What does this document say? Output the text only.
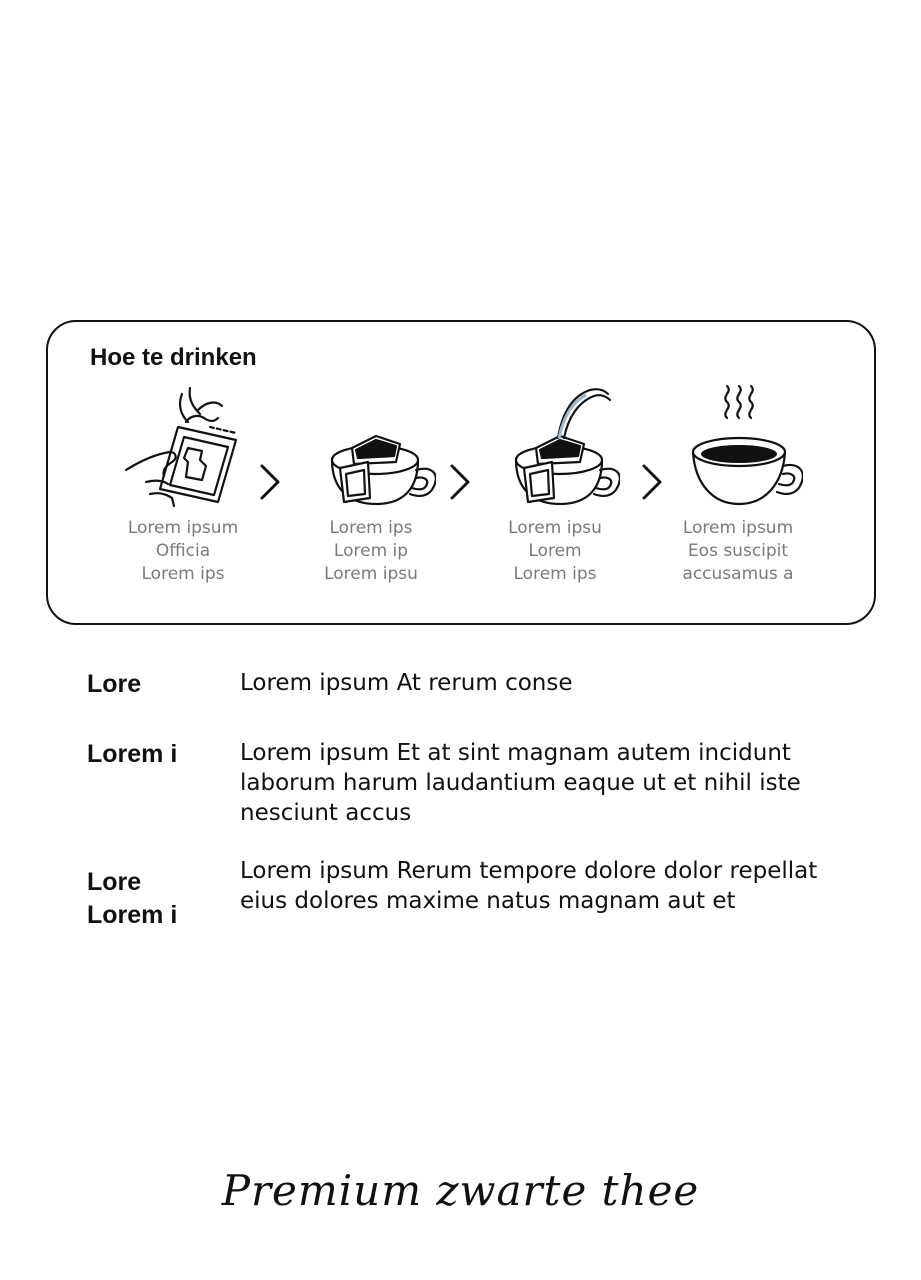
Hoe te drinken
Lorem ipsum
Officia
Lorem ips
Lorem ips
Lorem ip
Lorem ipsu
Lorem ipsu
Lorem
Lorem ips
Lorem ipsum
Eos suscipit
accusamus a
Lore	Lorem ipsum At rerum conse
Lorem i	Lorem ipsum Et at sint magnam autem incidunt laborum harum laudantium eaque ut et nihil iste nesciunt accus
Lore
Lorem i
Lorem ipsum Rerum tempore dolore dolor repellat eius dolores maxime natus magnam aut et
Premium zwarte thee
